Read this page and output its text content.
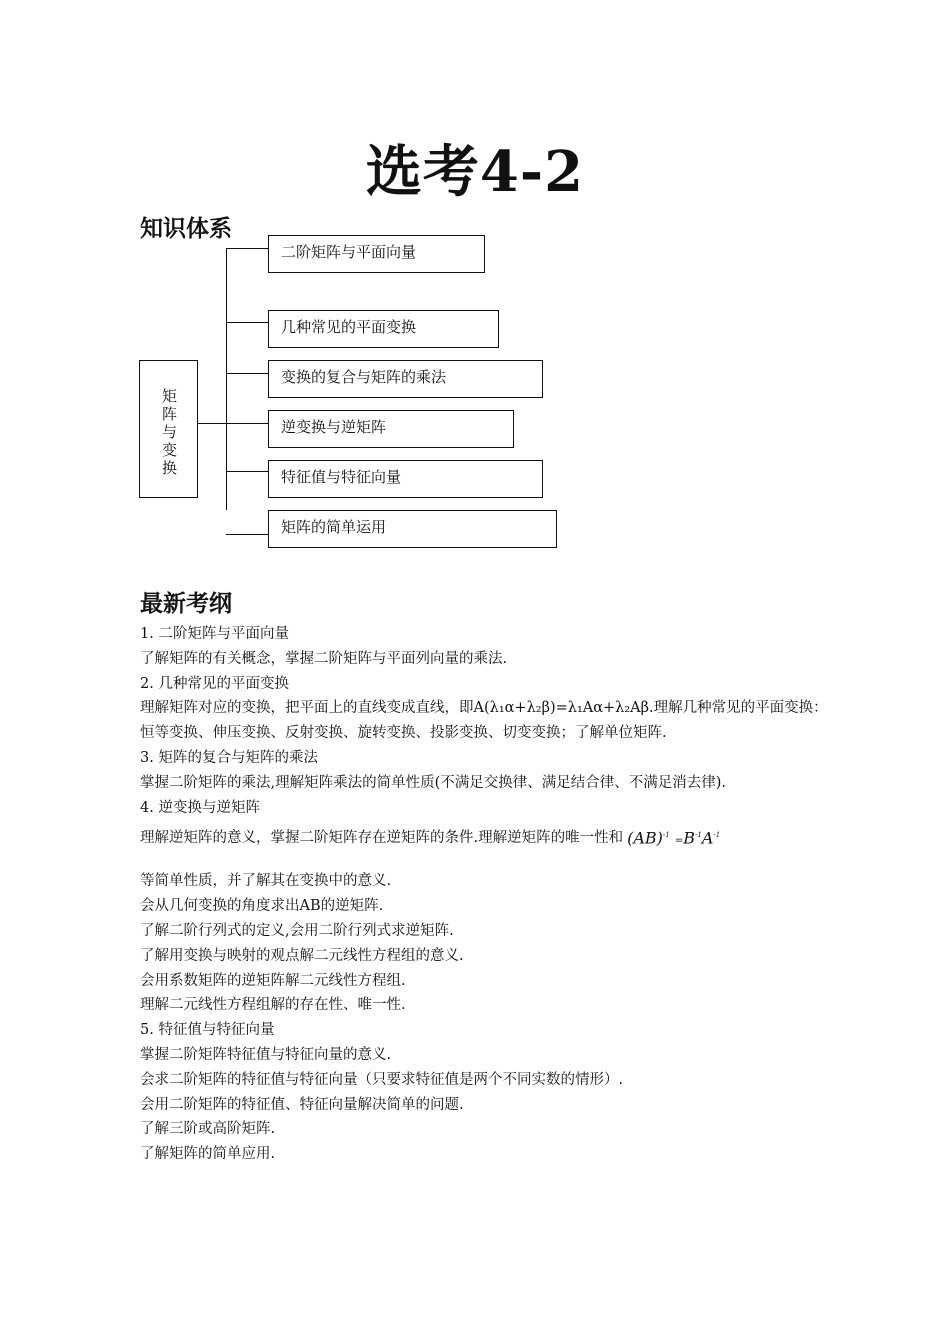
选考4-2
知识体系
矩阵与变换
二阶矩阵与平面向量
几种常见的平面变换
变换的复合与矩阵的乘法
逆变换与逆矩阵
特征值与特征向量
矩阵的简单运用
最新考纲

1. 二阶矩阵与平面向量

了解矩阵的有关概念，掌握二阶矩阵与平面列向量的乘法.

2. 几种常见的平面变换

理解矩阵对应的变换，把平面上的直线变成直线，即A(λ₁α+λ₂β)=λ₁Aα+λ₂Aβ.理解几种常见的平面变换：恒等变换、伸压变换、反射变换、旋转变换、投影变换、切变变换；了解单位矩阵.

3. 矩阵的复合与矩阵的乘法

掌握二阶矩阵的乘法,理解矩阵乘法的简单性质(不满足交换律、满足结合律、不满足消去律).

4. 逆变换与逆矩阵

理解逆矩阵的意义，掌握二阶矩阵存在逆矩阵的条件.理解逆矩阵的唯一性和 $(AB)^{-1} =B^{-1}A^{-1}$

等简单性质，并了解其在变换中的意义.

会从几何变换的角度求出AB的逆矩阵.

了解二阶行列式的定义,会用二阶行列式求逆矩阵.

了解用变换与映射的观点解二元线性方程组的意义.

会用系数矩阵的逆矩阵解二元线性方程组.

理解二元线性方程组解的存在性、唯一性.

5. 特征值与特征向量

掌握二阶矩阵特征值与特征向量的意义.

会求二阶矩阵的特征值与特征向量（只要求特征值是两个不同实数的情形）.

会用二阶矩阵的特征值、特征向量解决简单的问题.

了解三阶或高阶矩阵.

了解矩阵的简单应用.
